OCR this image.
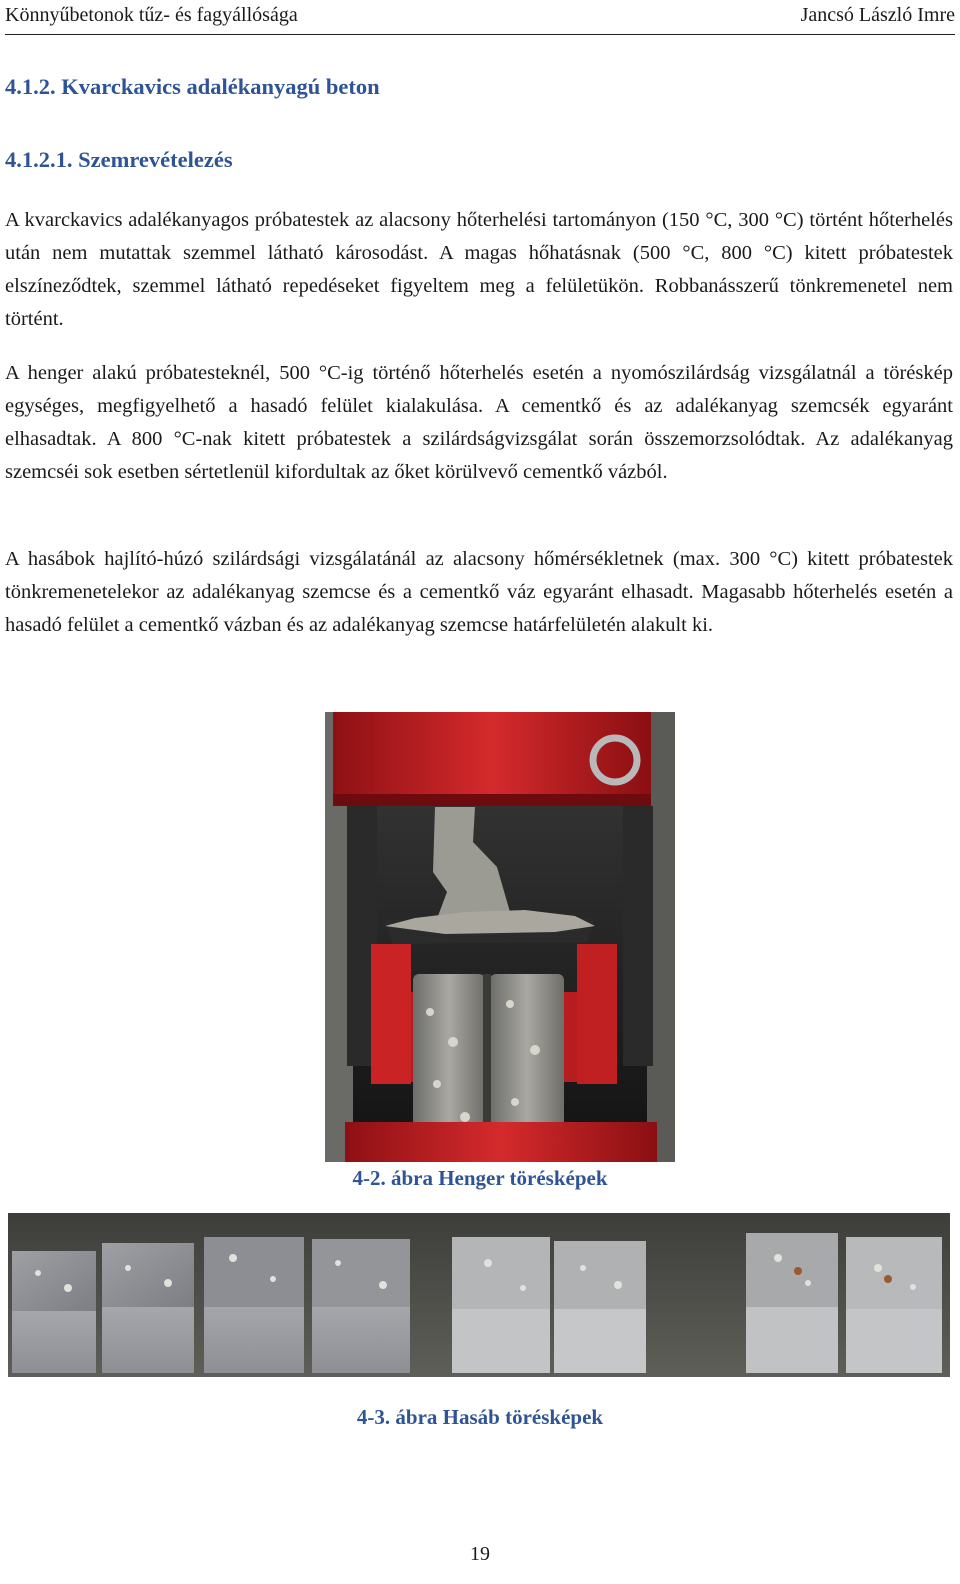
Könnyűbetonok tűz- és fagyállósága	Jancsó László Imre
4.1.2. Kvarckavics adalékanyagú beton
4.1.2.1. Szemrevételezés
A kvarckavics adalékanyagos próbatestek az alacsony hőterhelési tartományon (150 °C, 300 °C) történt hőterhelés után nem mutattak szemmel látható károsodást. A magas hőhatásnak (500 °C, 800 °C) kitett próbatestek elszíneződtek, szemmel látható repedéseket figyeltem meg a felületükön. Robbanásszerű tönkremenetel nem történt.
A henger alakú próbatesteknél, 500 °C-ig történő hőterhelés esetén a nyomószilárdság vizsgálatnál a töréskép egységes, megfigyelhető a hasadó felület kialakulása. A cementkő és az adalékanyag szemcsék egyaránt elhasadtak. A 800 °C-nak kitett próbatestek a szilárdságvizsgálat során összemorzsolódtak. Az adalékanyag szemcséi sok esetben sértetlenül kifordultak az őket körülvevő cementkő vázból.
A hasábok hajlító-húzó szilárdsági vizsgálatánál az alacsony hőmérsékletnek (max. 300 °C) kitett próbatestek tönkremenetelekor az adalékanyag szemcse és a cementkő váz egyaránt elhasadt. Magasabb hőterhelés esetén a hasadó felület a cementkő vázban és az adalékanyag szemcse határfelületén alakult ki.
4-2. ábra Henger törésképek
4-3. ábra Hasáb törésképek
19
